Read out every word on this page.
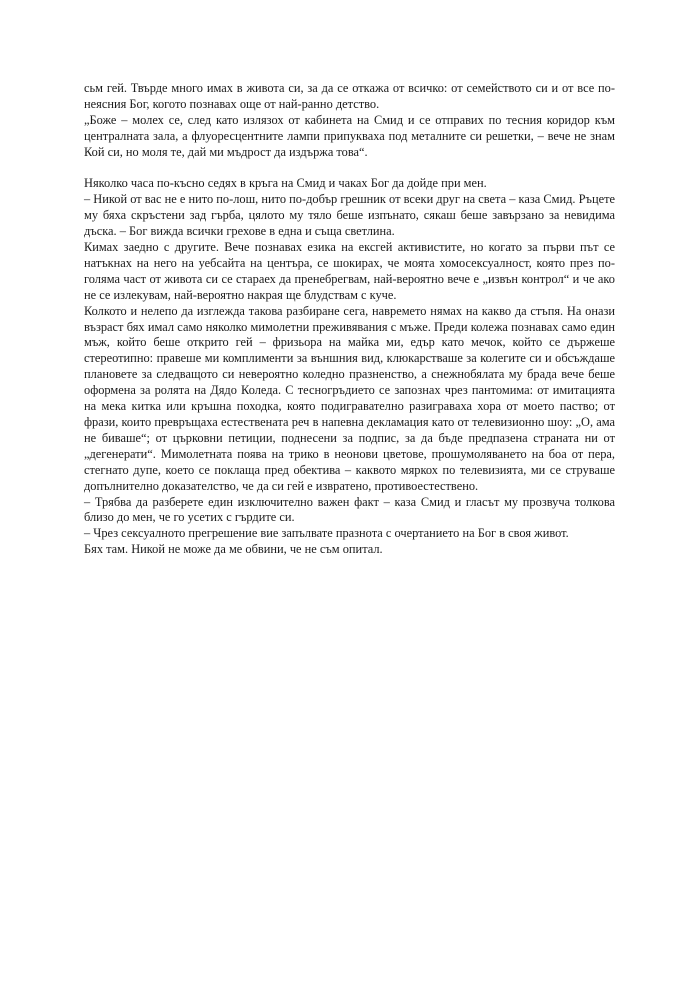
сьм гей. Твърде много имах в живота си, за да се откажа от всичко: от семейството си и от все по-неясния Бог, когото познавах още от най-ранно детство.

„Боже – молех се, след като излязох от кабинета на Смид и се отправих по тесния коридор към централната зала, а флуоресцентните лампи припукваха под металните си решетки, – вече не знам Кой си, но моля те, дай ми мъдрост да издържа това“.

Няколко часа по-късно седях в кръга на Смид и чаках Бог да дойде при мен.

– Никой от вас не е нито по-лош, нито по-добър грешник от всеки друг на света – каза Смид. Ръцете му бяха скръстени зад гърба, цялото му тяло беше изпънато, сякаш беше завързано за невидима дъска. – Бог вижда всички грехове в една и съща светлина.

Кимах заедно с другите. Вече познавах езика на ексгей активистите, но когато за първи път се натъкнах на него на уебсайта на центъра, се шокирах, че моята хомосексуалност, която през по-голяма част от живота си се стараех да пренебрегвам, най-вероятно вече е „извън контрол“ и че ако не се излекувам, най-вероятно накрая ще блудствам с куче.

Колкото и нелепо да изглежда такова разбиране сега, навремето нямах на какво да стъпя. На онази възраст бях имал само няколко мимолетни преживявания с мъже. Преди колежа познавах само един мъж, който беше открито гей – фризьора на майка ми, едър като мечок, който се държеше стереотипно: правеше ми комплименти за външния вид, клюкарстваше за колегите си и обсъждаше плановете за следващото си невероятно коледно празненство, а снежнобялата му брада вече беше оформена за ролята на Дядо Коледа. С тесногръдието се запознах чрез пантомима: от имитацията на мека китка или кръшна походка, която подигравателно разигравaха хора от моето паство; от фрази, които превръщаха естествената реч в напевна декламация като от телевизионно шоу: „О, ама не биваше“; от църковни петиции, поднесени за подпис, за да бъде предпазена страната ни от „дегенерати“. Мимолетната поява на трико в неонови цветове, прошумоляването на боа от пера, стегнато дупе, което се поклаща пред обектива – каквото мяркох по телевизията, ми се струваше допълнително доказателство, че да си гей е извратено, противоестествено.

– Трябва да разберете един изключително важен факт – каза Смид и гласът му прозвуча толкова близо до мен, че го усетих с гърдите си.

– Чрез сексуалното прегрешение вие запълвате празнота с очертанието на Бог в своя живот.

Бях там. Никой не може да ме обвини, че не съм опитал.
